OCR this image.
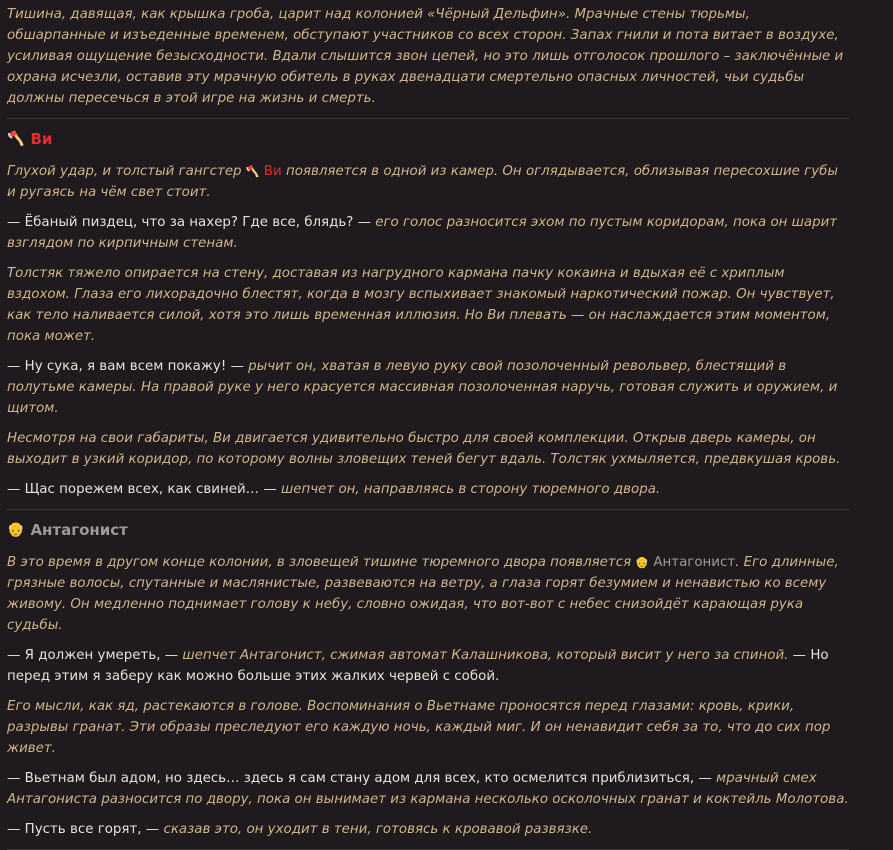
Тишина, давящая, как крышка гроба, царит над колонией «Чёрный Дельфин». Мрачные стены тюрьмы, обшарпанные и изъеденные временем, обступают участников со всех сторон. Запах гнили и пота витает в воздухе, усиливая ощущение безысходности. Вдали слышится звон цепей, но это лишь отголосок прошлого – заключённые и охрана исчезли, оставив эту мрачную обитель в руках двенадцати смертельно опасных личностей, чьи судьбы должны пересечься в этой игре на жизнь и смерть.

🪓 Ви

Глухой удар, и толстый гангстер 🪓 Ви появляется в одной из камер. Он оглядывается, облизывая пересохшие губы и ругаясь на чём свет стоит.

— Ёбаный пиздец, что за нахер? Где все, блядь? — его голос разносится эхом по пустым коридорам, пока он шарит взглядом по кирпичным стенам.

Толстяк тяжело опирается на стену, доставая из нагрудного кармана пачку кокаина и вдыхая её с хриплым вздохом. Глаза его лихорадочно блестят, когда в мозгу вспыхивает знакомый наркотический пожар. Он чувствует, как тело наливается силой, хотя это лишь временная иллюзия. Но Ви плевать — он наслаждается этим моментом, пока может.

— Ну сука, я вам всем покажу! — рычит он, хватая в левую руку свой позолоченный револьвер, блестящий в полутьме камеры. На правой руке у него красуется массивная позолоченная наручь, готовая служить и оружием, и щитом.

Несмотря на свои габариты, Ви двигается удивительно быстро для своей комплекции. Открыв дверь камеры, он выходит в узкий коридор, по которому волны зловещих теней бегут вдаль. Толстяк ухмыляется, предвкушая кровь.

— Щас порежем всех, как свиней… — шепчет он, направляясь в сторону тюремного двора.

👴 Антагонист

В это время в другом конце колонии, в зловещей тишине тюремного двора появляется 👴 Антагонист. Его длинные, грязные волосы, спутанные и маслянистые, развеваются на ветру, а глаза горят безумием и ненавистью ко всему живому. Он медленно поднимает голову к небу, словно ожидая, что вот-вот с небес снизойдёт карающая рука судьбы.

— Я должен умереть, — шепчет Антагонист, сжимая автомат Калашникова, который висит у него за спиной. — Но перед этим я заберу как можно больше этих жалких червей с собой.

Его мысли, как яд, растекаются в голове. Воспоминания о Вьетнаме проносятся перед глазами: кровь, крики, разрывы гранат. Эти образы преследуют его каждую ночь, каждый миг. И он ненавидит себя за то, что до сих пор живет.

— Вьетнам был адом, но здесь… здесь я сам стану адом для всех, кто осмелится приблизиться, — мрачный смех Антагониста разносится по двору, пока он вынимает из кармана несколько осколочных гранат и коктейль Молотова.

— Пусть все горят, — сказав это, он уходит в тени, готовясь к кровавой развязке.
